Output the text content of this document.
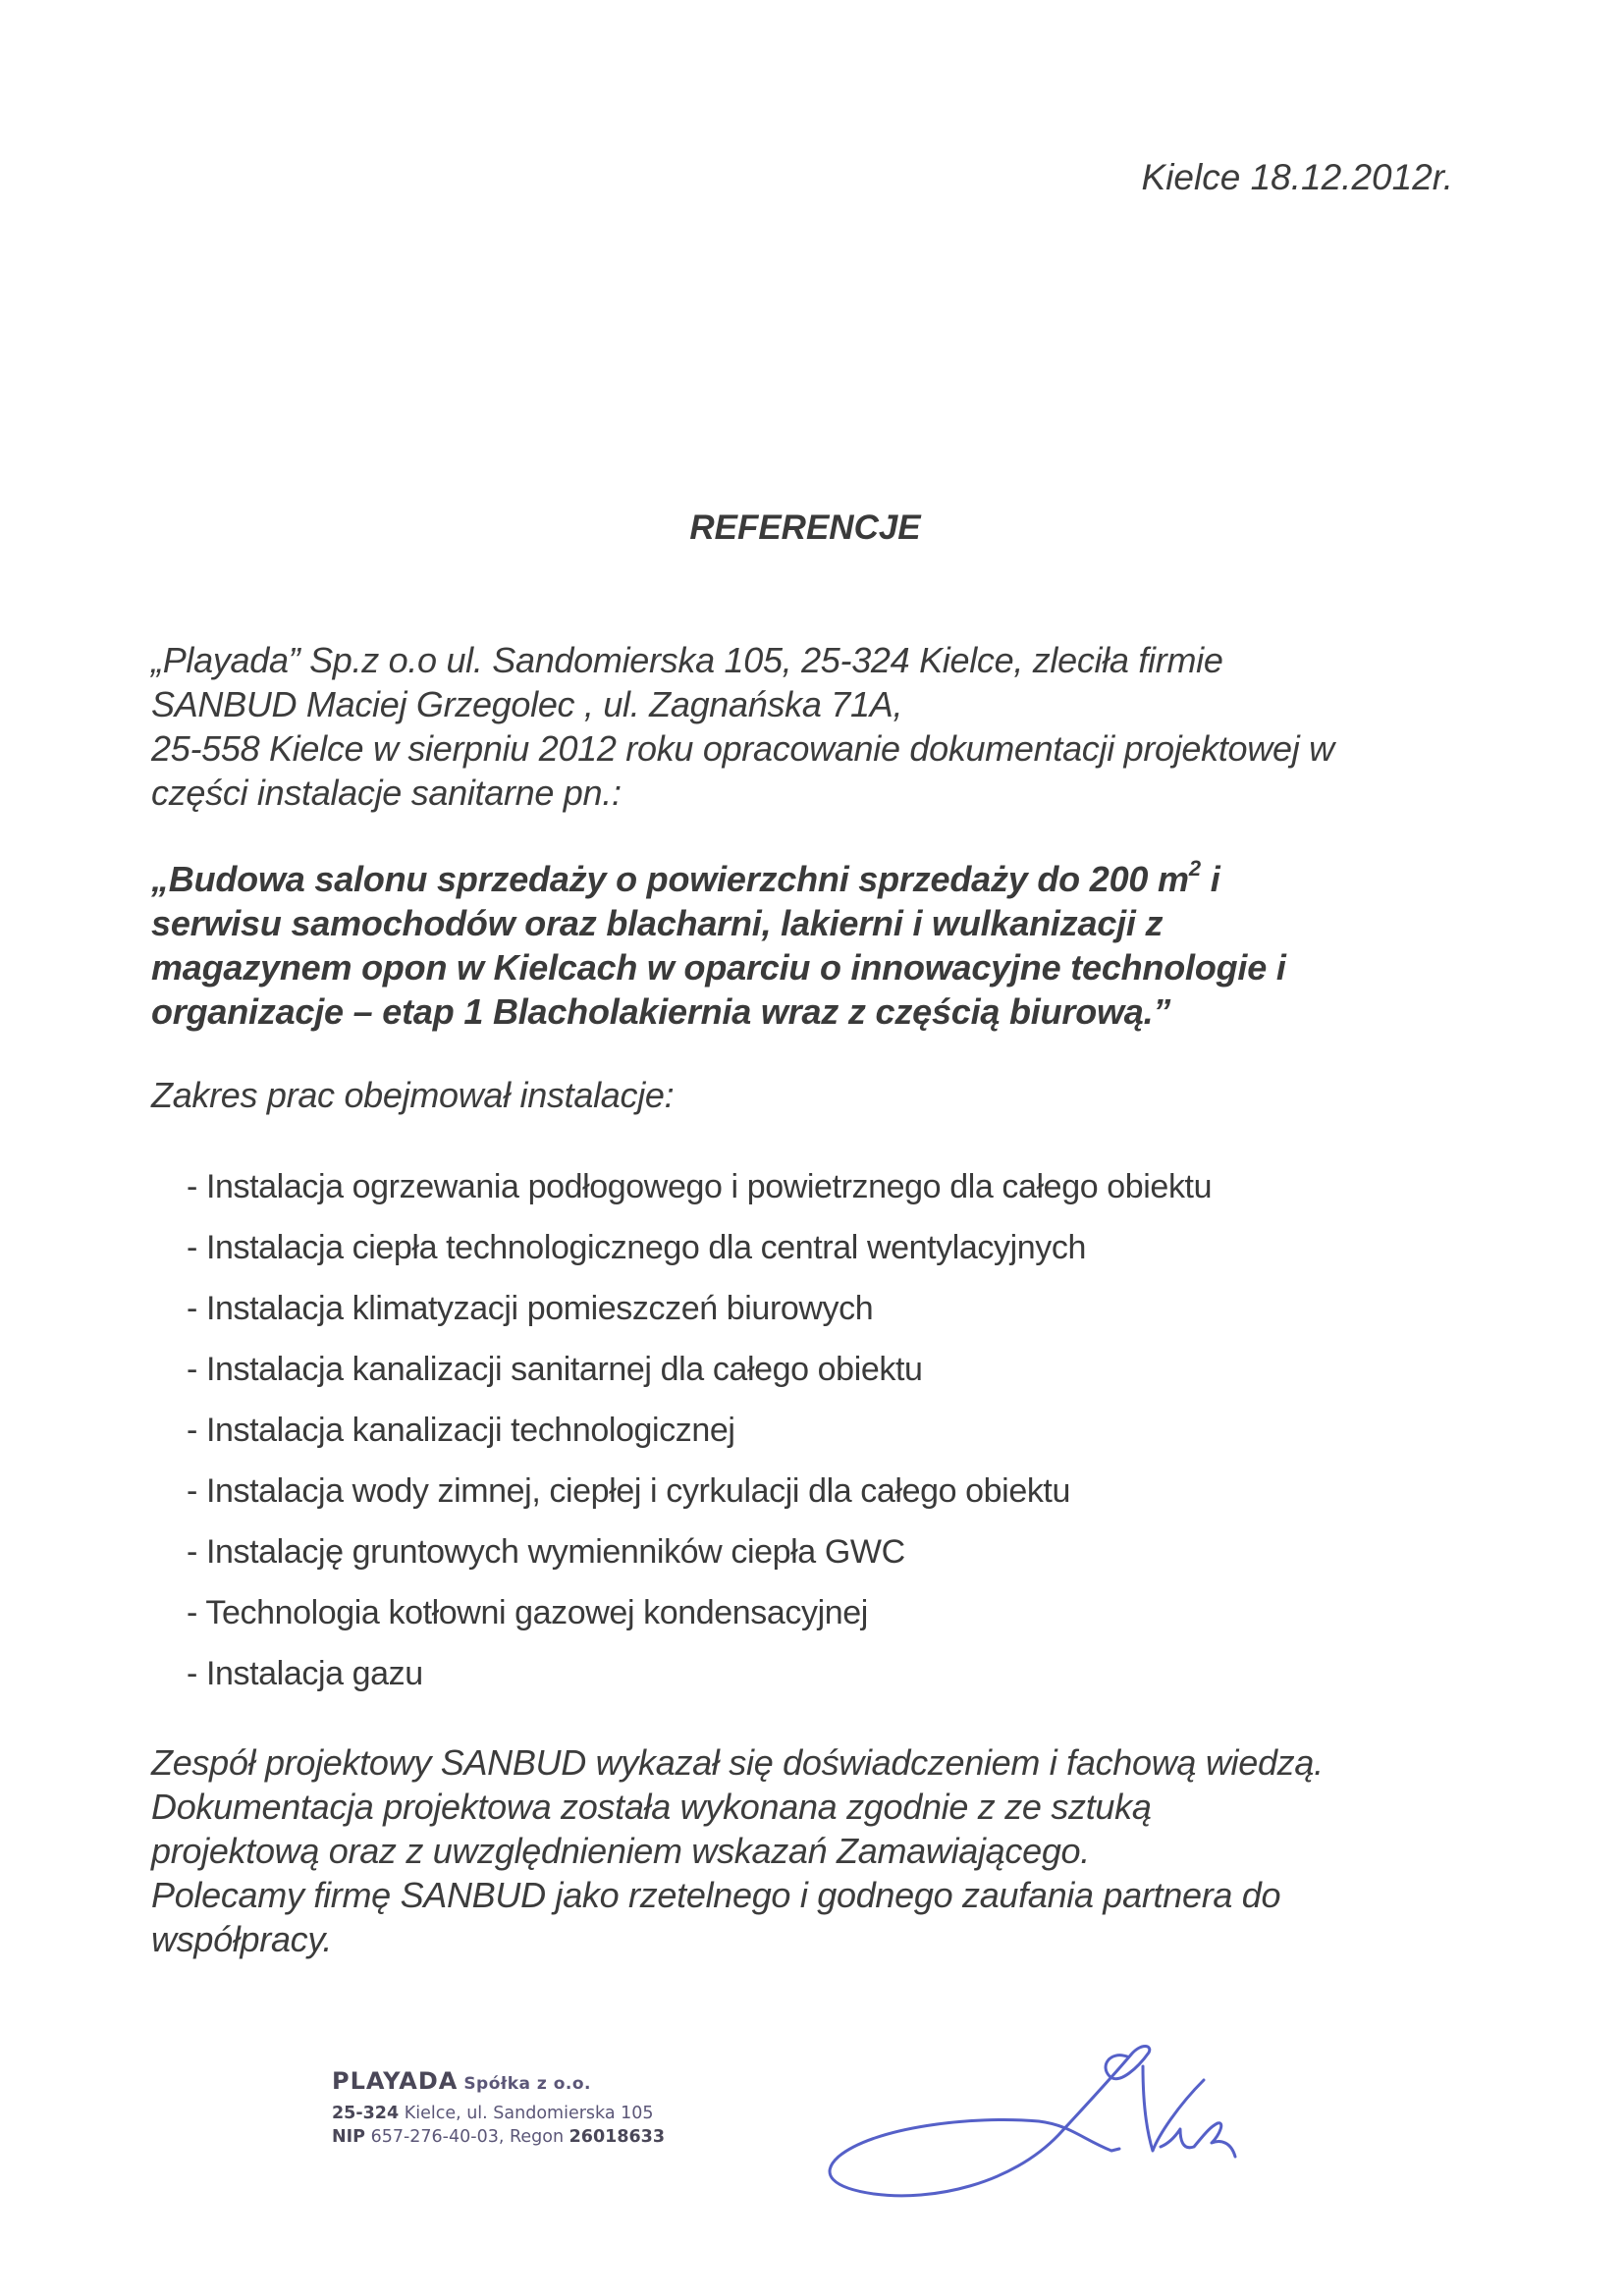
Kielce 18.12.2012r.
REFERENCJE
„Playada” Sp.z o.o ul. Sandomierska 105, 25-324 Kielce, zleciła firmie
SANBUD Maciej Grzegolec , ul. Zagnańska 71A,
25-558 Kielce w sierpniu 2012 roku opracowanie dokumentacji projektowej w
części instalacje sanitarne pn.:
„Budowa salonu sprzedaży o powierzchni sprzedaży do 200 $m^2$ i
serwisu samochodów oraz blacharni, lakierni i wulkanizacji z
magazynem opon w Kielcach w oparciu o innowacyjne technologie i
organizacje – etap 1 Blacholakiernia wraz z częścią biurową.”
Zakres prac obejmował instalacje:
- Instalacja ogrzewania podłogowego i powietrznego dla całego obiektu
- Instalacja ciepła technologicznego dla central wentylacyjnych
- Instalacja klimatyzacji pomieszczeń biurowych
- Instalacja kanalizacji sanitarnej dla całego obiektu
- Instalacja kanalizacji technologicznej
- Instalacja wody zimnej, ciepłej i cyrkulacji dla całego obiektu
- Instalację gruntowych wymienników ciepła GWC
- Technologia kotłowni gazowej kondensacyjnej
- Instalacja gazu
Zespół projektowy SANBUD wykazał się doświadczeniem i fachową wiedzą.
Dokumentacja projektowa została wykonana zgodnie z ze sztuką
projektową oraz z uwzględnieniem wskazań Zamawiającego.
Polecamy firmę SANBUD jako rzetelnego i godnego zaufania partnera do
współpracy.
PLAYADA Spółka z o.o.
25-324 Kielce, ul. Sandomierska 105
NIP 657-276-40-03, Regon 26018633
